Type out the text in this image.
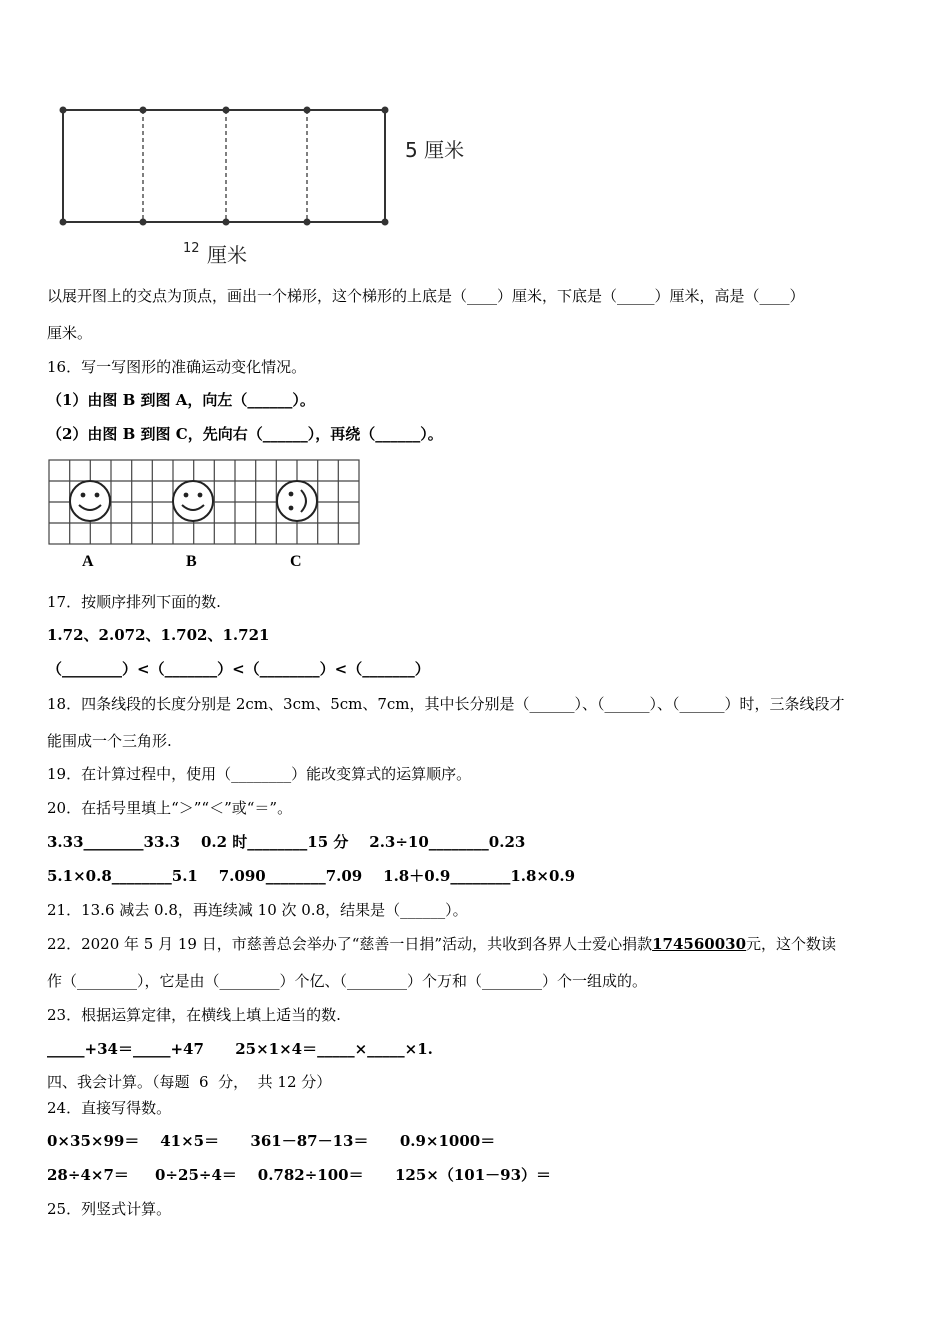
5 厘米
12 厘米
以展开图上的交点为顶点，画出一个梯形，这个梯形的上底是（____）厘米，下底是（_____）厘米，高是（____）
厘米。
16．写一写图形的准确运动变化情况。
（1）由图 B 到图 A，向左（______）。
（2）由图 B 到图 C，先向右（______），再绕（______）。
A	B	C
17．按顺序排列下面的数.
1.72、2.072、1.702、1.721
（________）<（_______）<（________）<（_______）
18．四条线段的长度分别是 2cm、3cm、5cm、7cm，其中长分别是（______）、（______）、（______）时，三条线段才
能围成一个三角形.
19．在计算过程中，使用（________）能改变算式的运算顺序。
20．在括号里填上“＞”“＜”或“＝”。
3.33________33.3    0.2 时________15 分    2.3÷10________0.23
5.1×0.8________5.1    7.090________7.09    1.8＋0.9________1.8×0.9
21．13.6 减去 0.8，再连续减 10 次 0.8，结果是（______）。
22．2020 年 5 月 19 日，市慈善总会举办了“慈善一日捐”活动，共收到各界人士爱心捐款174560030元，这个数读
作（________），它是由（________）个亿、（________）个万和（________）个一组成的。
23．根据运算定律，在横线上填上适当的数.
_____+34＝_____+47      25×1×4＝_____×_____×1.
四、我会计算。（每题  6  分，  共 12 分）
24．直接写得数。
0×35×99＝    41×5＝      361－87－13＝      0.9×1000＝
28÷4×7＝     0÷25÷4＝    0.782÷100＝      125×（101－93）＝
25．列竖式计算。
